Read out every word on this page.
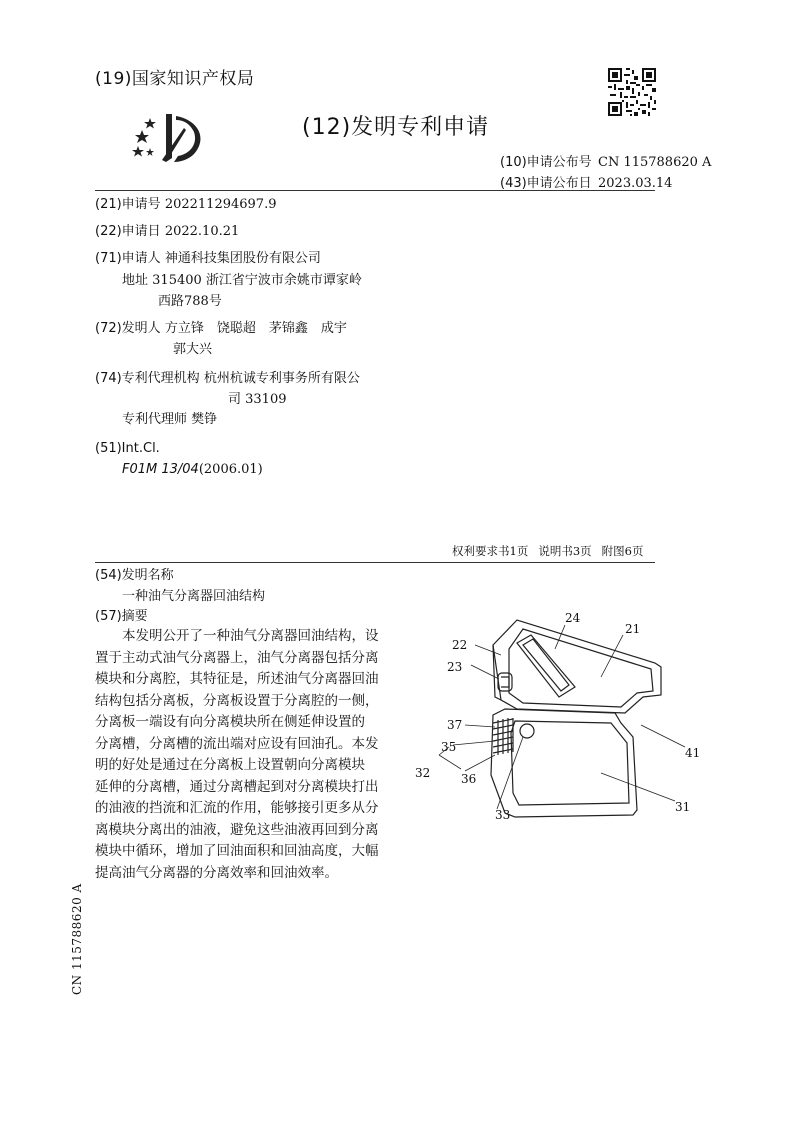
(19)国家知识产权局
(12)发明专利申请
(10)申请公布号 CN 115788620 A
(43)申请公布日 2023.03.14
(21)申请号 202211294697.9
(22)申请日 2022.10.21
(71)申请人 神通科技集团股份有限公司
地址 315400 浙江省宁波市余姚市谭家岭
西路788号
(72)发明人 方立锋　饶聪超　茅锦鑫　成宇
郭大兴
(74)专利代理机构 杭州杭诚专利事务所有限公
司 33109
专利代理师 樊铮
(51)Int.Cl.
F01M 13/04(2006.01)
权利要求书1页 说明书3页 附图6页
(54)发明名称
一种油气分离器回油结构
(57)摘要
本发明公开了一种油气分离器回油结构，设
置于主动式油气分离器上，油气分离器包括分离
模块和分离腔，其特征是，所述油气分离器回油
结构包括分离板，分离板设置于分离腔的一侧，
分离板一端设有向分离模块所在侧延伸设置的
分离槽，分离槽的流出端对应设有回油孔。本发
明的好处是通过在分离板上设置朝向分离模块
延伸的分离槽，通过分离槽起到对分离模块打出
的油液的挡流和汇流的作用，能够接引更多从分
离模块分离出的油液，避免这些油液再回到分离
模块中循环，增加了回油面积和回油高度，大幅
提高油气分离器的分离效率和回油效率。
24
21
22
23
37
35
32	36
33
41
31
CN 115788620 A
